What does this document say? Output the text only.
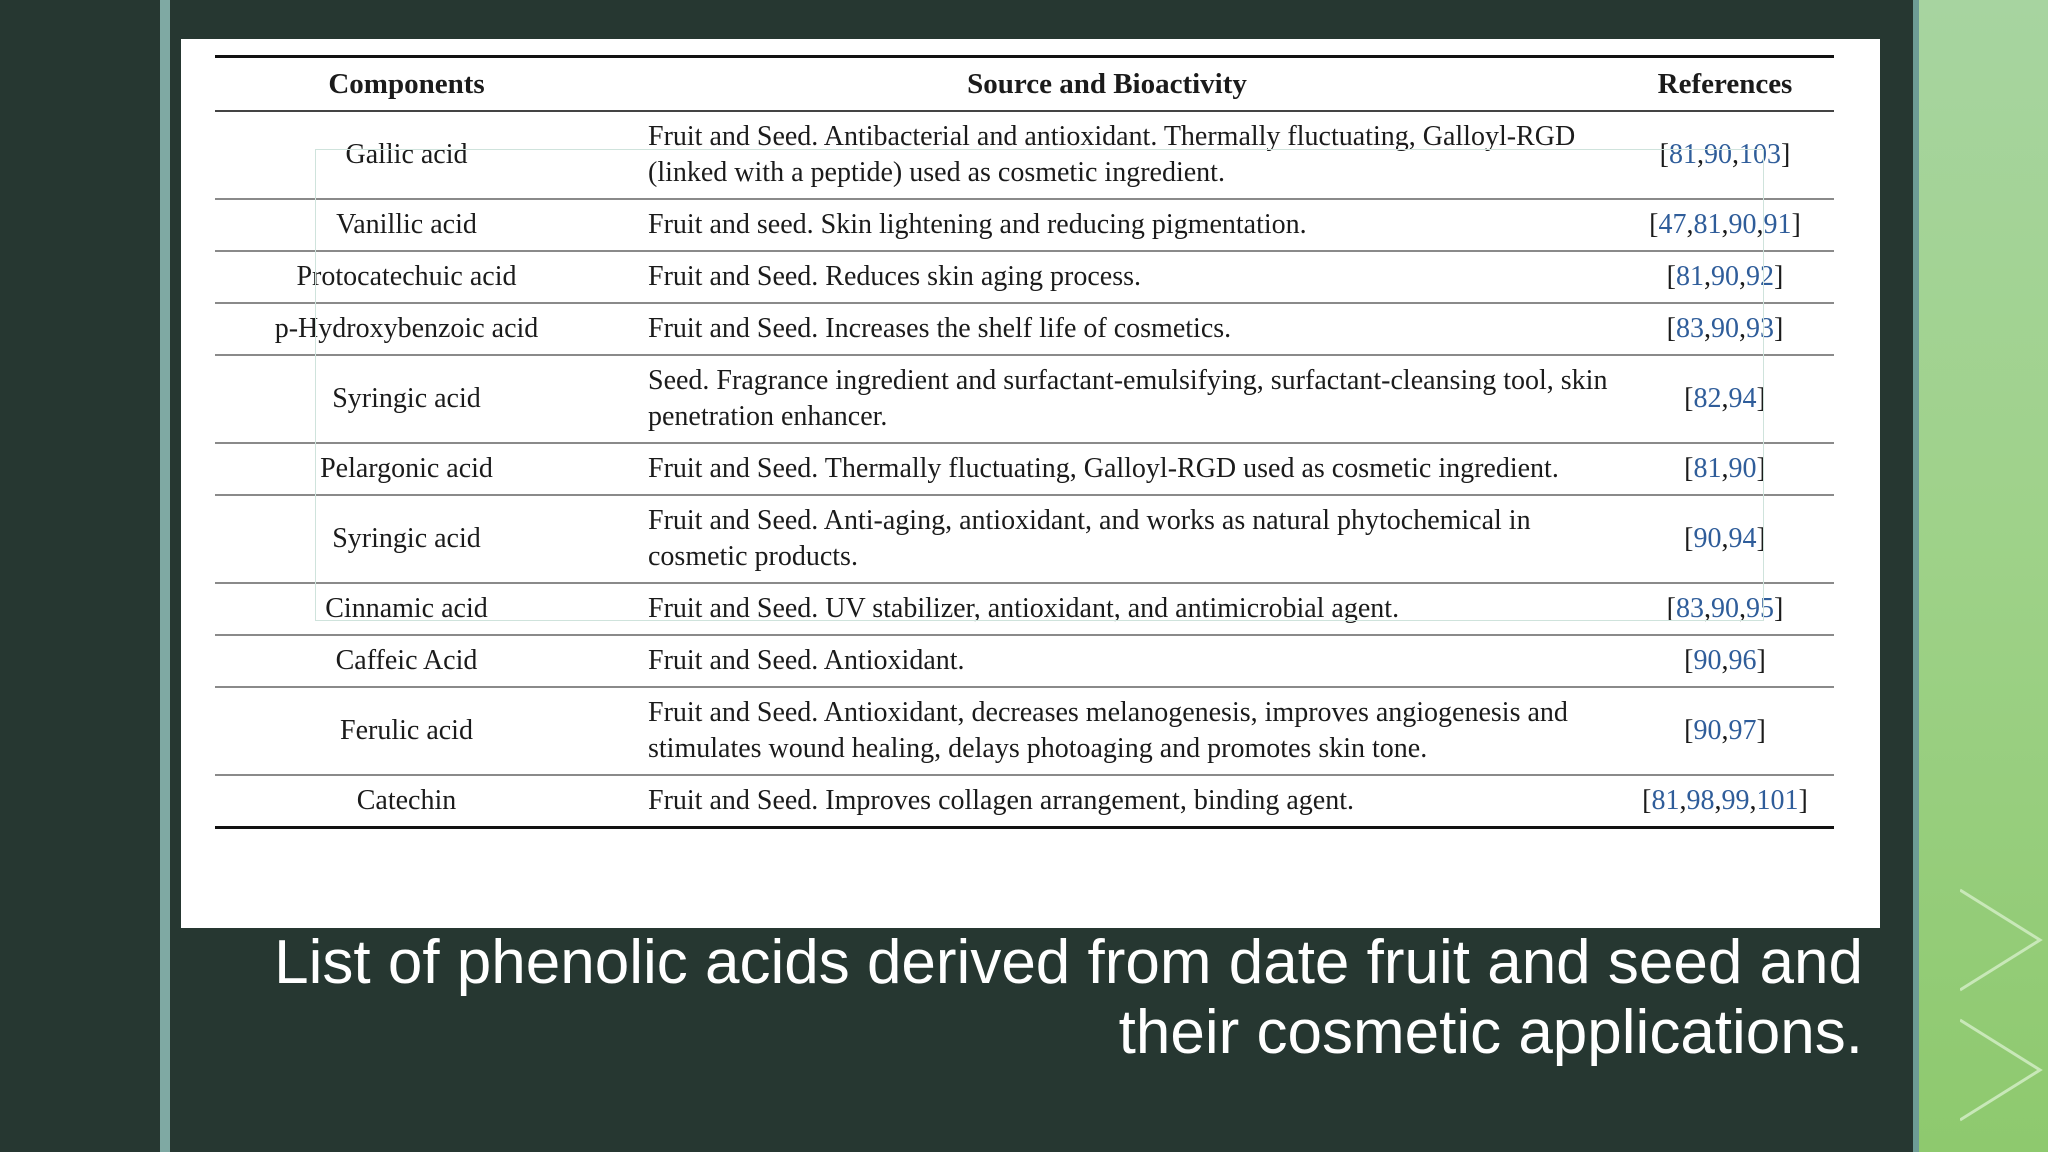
Components	Source and Bioactivity	References
Gallic acid	Fruit and Seed. Antibacterial and antioxidant. Thermally fluctuating, Galloyl-RGD (linked with a peptide) used as cosmetic ingredient.	[81,90,103]
Vanillic acid	Fruit and seed. Skin lightening and reducing pigmentation.	[47,81,90,91]
Protocatechuic acid	Fruit and Seed. Reduces skin aging process.	[81,90,92]
p-Hydroxybenzoic acid	Fruit and Seed. Increases the shelf life of cosmetics.	[83,90,93]
Syringic acid	Seed. Fragrance ingredient and surfactant-emulsifying, surfactant-cleansing tool, skin penetration enhancer.	[82,94]
Pelargonic acid	Fruit and Seed. Thermally fluctuating, Galloyl-RGD used as cosmetic ingredient.	[81,90]
Syringic acid	Fruit and Seed. Anti-aging, antioxidant, and works as natural phytochemical in cosmetic products.	[90,94]
Cinnamic acid	Fruit and Seed. UV stabilizer, antioxidant, and antimicrobial agent.	[83,90,95]
Caffeic Acid	Fruit and Seed. Antioxidant.	[90,96]
Ferulic acid	Fruit and Seed. Antioxidant, decreases melanogenesis, improves angiogenesis and stimulates wound healing, delays photoaging and promotes skin tone.	[90,97]
Catechin	Fruit and Seed. Improves collagen arrangement, binding agent.	[81,98,99,101]
List of phenolic acids derived from date fruit and seed and
their cosmetic applications.
